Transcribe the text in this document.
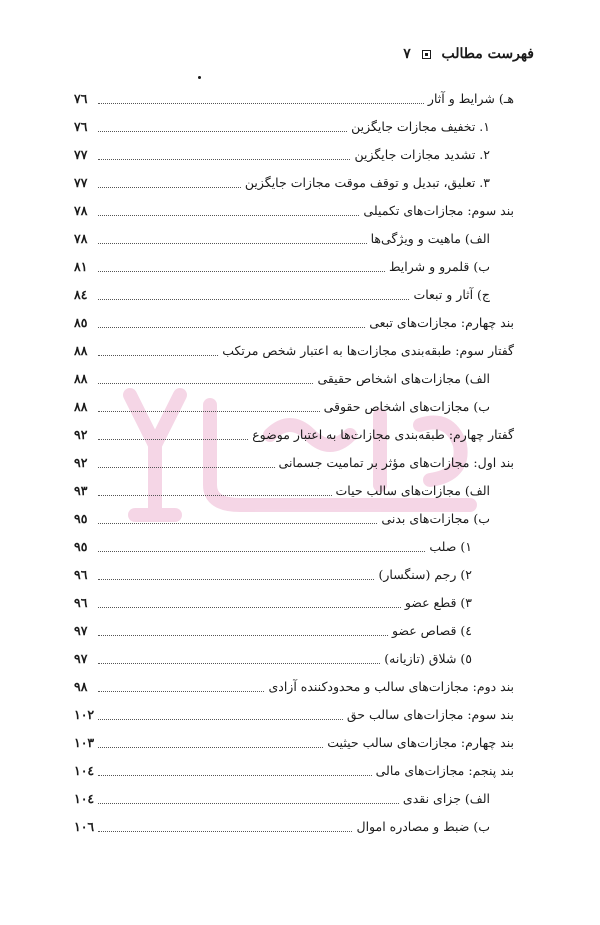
فهرست مطالب  ٧
هـ) شرایط و آثار
٧٦
١. تخفیف مجازات جایگزین
٧٦
٢. تشدید مجازات جایگزین
٧٧
٣. تعلیق، تبدیل و توقف موقت مجازات جایگزین
٧٧
بند سوم: مجازات‌های تکمیلی
٧٨
الف) ماهیت و ویژگی‌ها
٧٨
ب) قلمرو و شرایط
٨١
ج) آثار و تبعات
٨٤
بند چهارم: مجازات‌های تبعی
٨٥
گفتار سوم: طبقه‌بندی مجازات‌ها به اعتبار شخص مرتکب
٨٨
الف) مجازات‌های اشخاص حقیقی
٨٨
ب) مجازات‌های اشخاص حقوقی
٨٨
گفتار چهارم: طبقه‌بندی مجازات‌ها به اعتبار موضوع
٩٢
بند اول: مجازات‌های مؤثر بر تمامیت جسمانی
٩٢
الف) مجازات‌های سالب حیات
٩٣
ب) مجازات‌های بدنی
٩٥
١) صلب
٩٥
٢) رجم (سنگسار)
٩٦
٣) قطع عضو
٩٦
٤) قصاص عضو
٩٧
٥) شلاق (تازیانه)
٩٧
بند دوم: مجازات‌های سالب و محدودکننده آزادی
٩٨
بند سوم: مجازات‌های سالب حق
١٠٢
بند چهارم: مجازات‌های سالب حیثیت
١٠٣
بند پنجم: مجازات‌های مالی
١٠٤
الف) جزای نقدی
١٠٤
ب) ضبط و مصادره اموال
١٠٦
